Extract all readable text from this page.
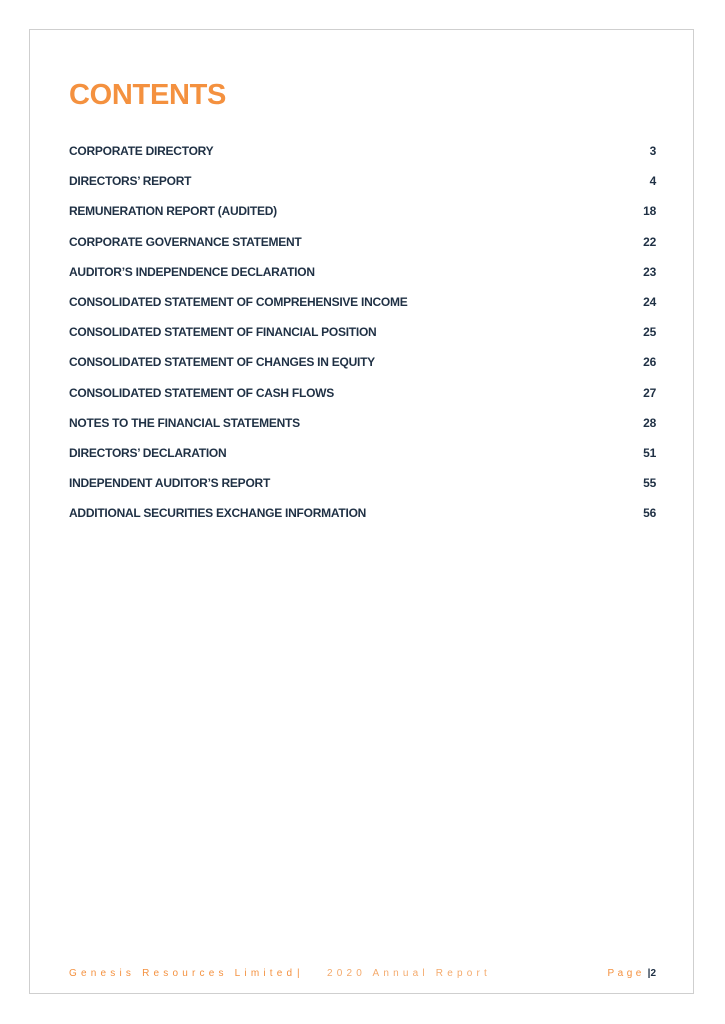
CONTENTS
CORPORATE DIRECTORY	3
DIRECTORS’ REPORT	4
REMUNERATION REPORT (AUDITED)	18
CORPORATE GOVERNANCE STATEMENT	22
AUDITOR’S INDEPENDENCE DECLARATION	23
CONSOLIDATED STATEMENT OF COMPREHENSIVE INCOME	24
CONSOLIDATED STATEMENT OF FINANCIAL POSITION	25
CONSOLIDATED STATEMENT OF CHANGES IN EQUITY	26
CONSOLIDATED STATEMENT OF CASH FLOWS	27
NOTES TO THE FINANCIAL STATEMENTS	28
DIRECTORS’ DECLARATION	51
INDEPENDENT AUDITOR’S REPORT	55
ADDITIONAL SECURITIES EXCHANGE INFORMATION	56
Genesis Resources Limited |	2020 Annual Report	Page |2
